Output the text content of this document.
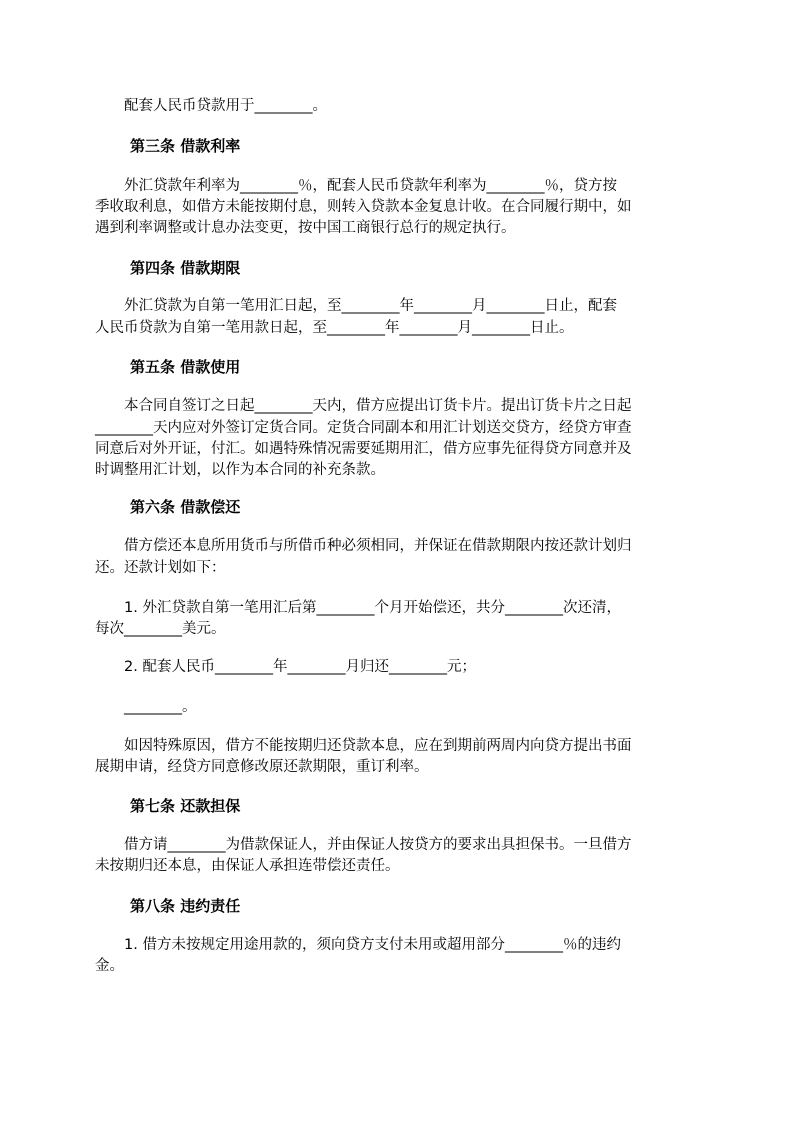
　　配套人民币贷款用于________。
第三条 借款利率
　　外汇贷款年利率为________％，配套人民币贷款年利率为________％，贷方按
季收取利息，如借方未能按期付息，则转入贷款本金复息计收。在合同履行期中，如
遇到利率调整或计息办法变更，按中国工商银行总行的规定执行。
第四条 借款期限
　　外汇贷款为自第一笔用汇日起，至________年________月________日止，配套
人民币贷款为自第一笔用款日起，至________年________月________日止。
第五条 借款使用
　　本合同自签订之日起________天内，借方应提出订货卡片。提出订货卡片之日起
________天内应对外签订定货合同。定货合同副本和用汇计划送交贷方，经贷方审查
同意后对外开证，付汇。如遇特殊情况需要延期用汇，借方应事先征得贷方同意并及
时调整用汇计划，以作为本合同的补充条款。
第六条 借款偿还
　　借方偿还本息所用货币与所借币种必须相同，并保证在借款期限内按还款计划归
还。还款计划如下：
　　1. 外汇贷款自第一笔用汇后第________个月开始偿还，共分________次还清，
每次________美元。
　　2. 配套人民币________年________月归还________元；
　　________。
　　如因特殊原因，借方不能按期归还贷款本息，应在到期前两周内向贷方提出书面
展期申请，经贷方同意修改原还款期限，重订利率。
第七条 还款担保
　　借方请________为借款保证人，并由保证人按贷方的要求出具担保书。一旦借方
未按期归还本息，由保证人承担连带偿还责任。
第八条 违约责任
　　1. 借方未按规定用途用款的，须向贷方支付未用或超用部分________％的违约
金。
